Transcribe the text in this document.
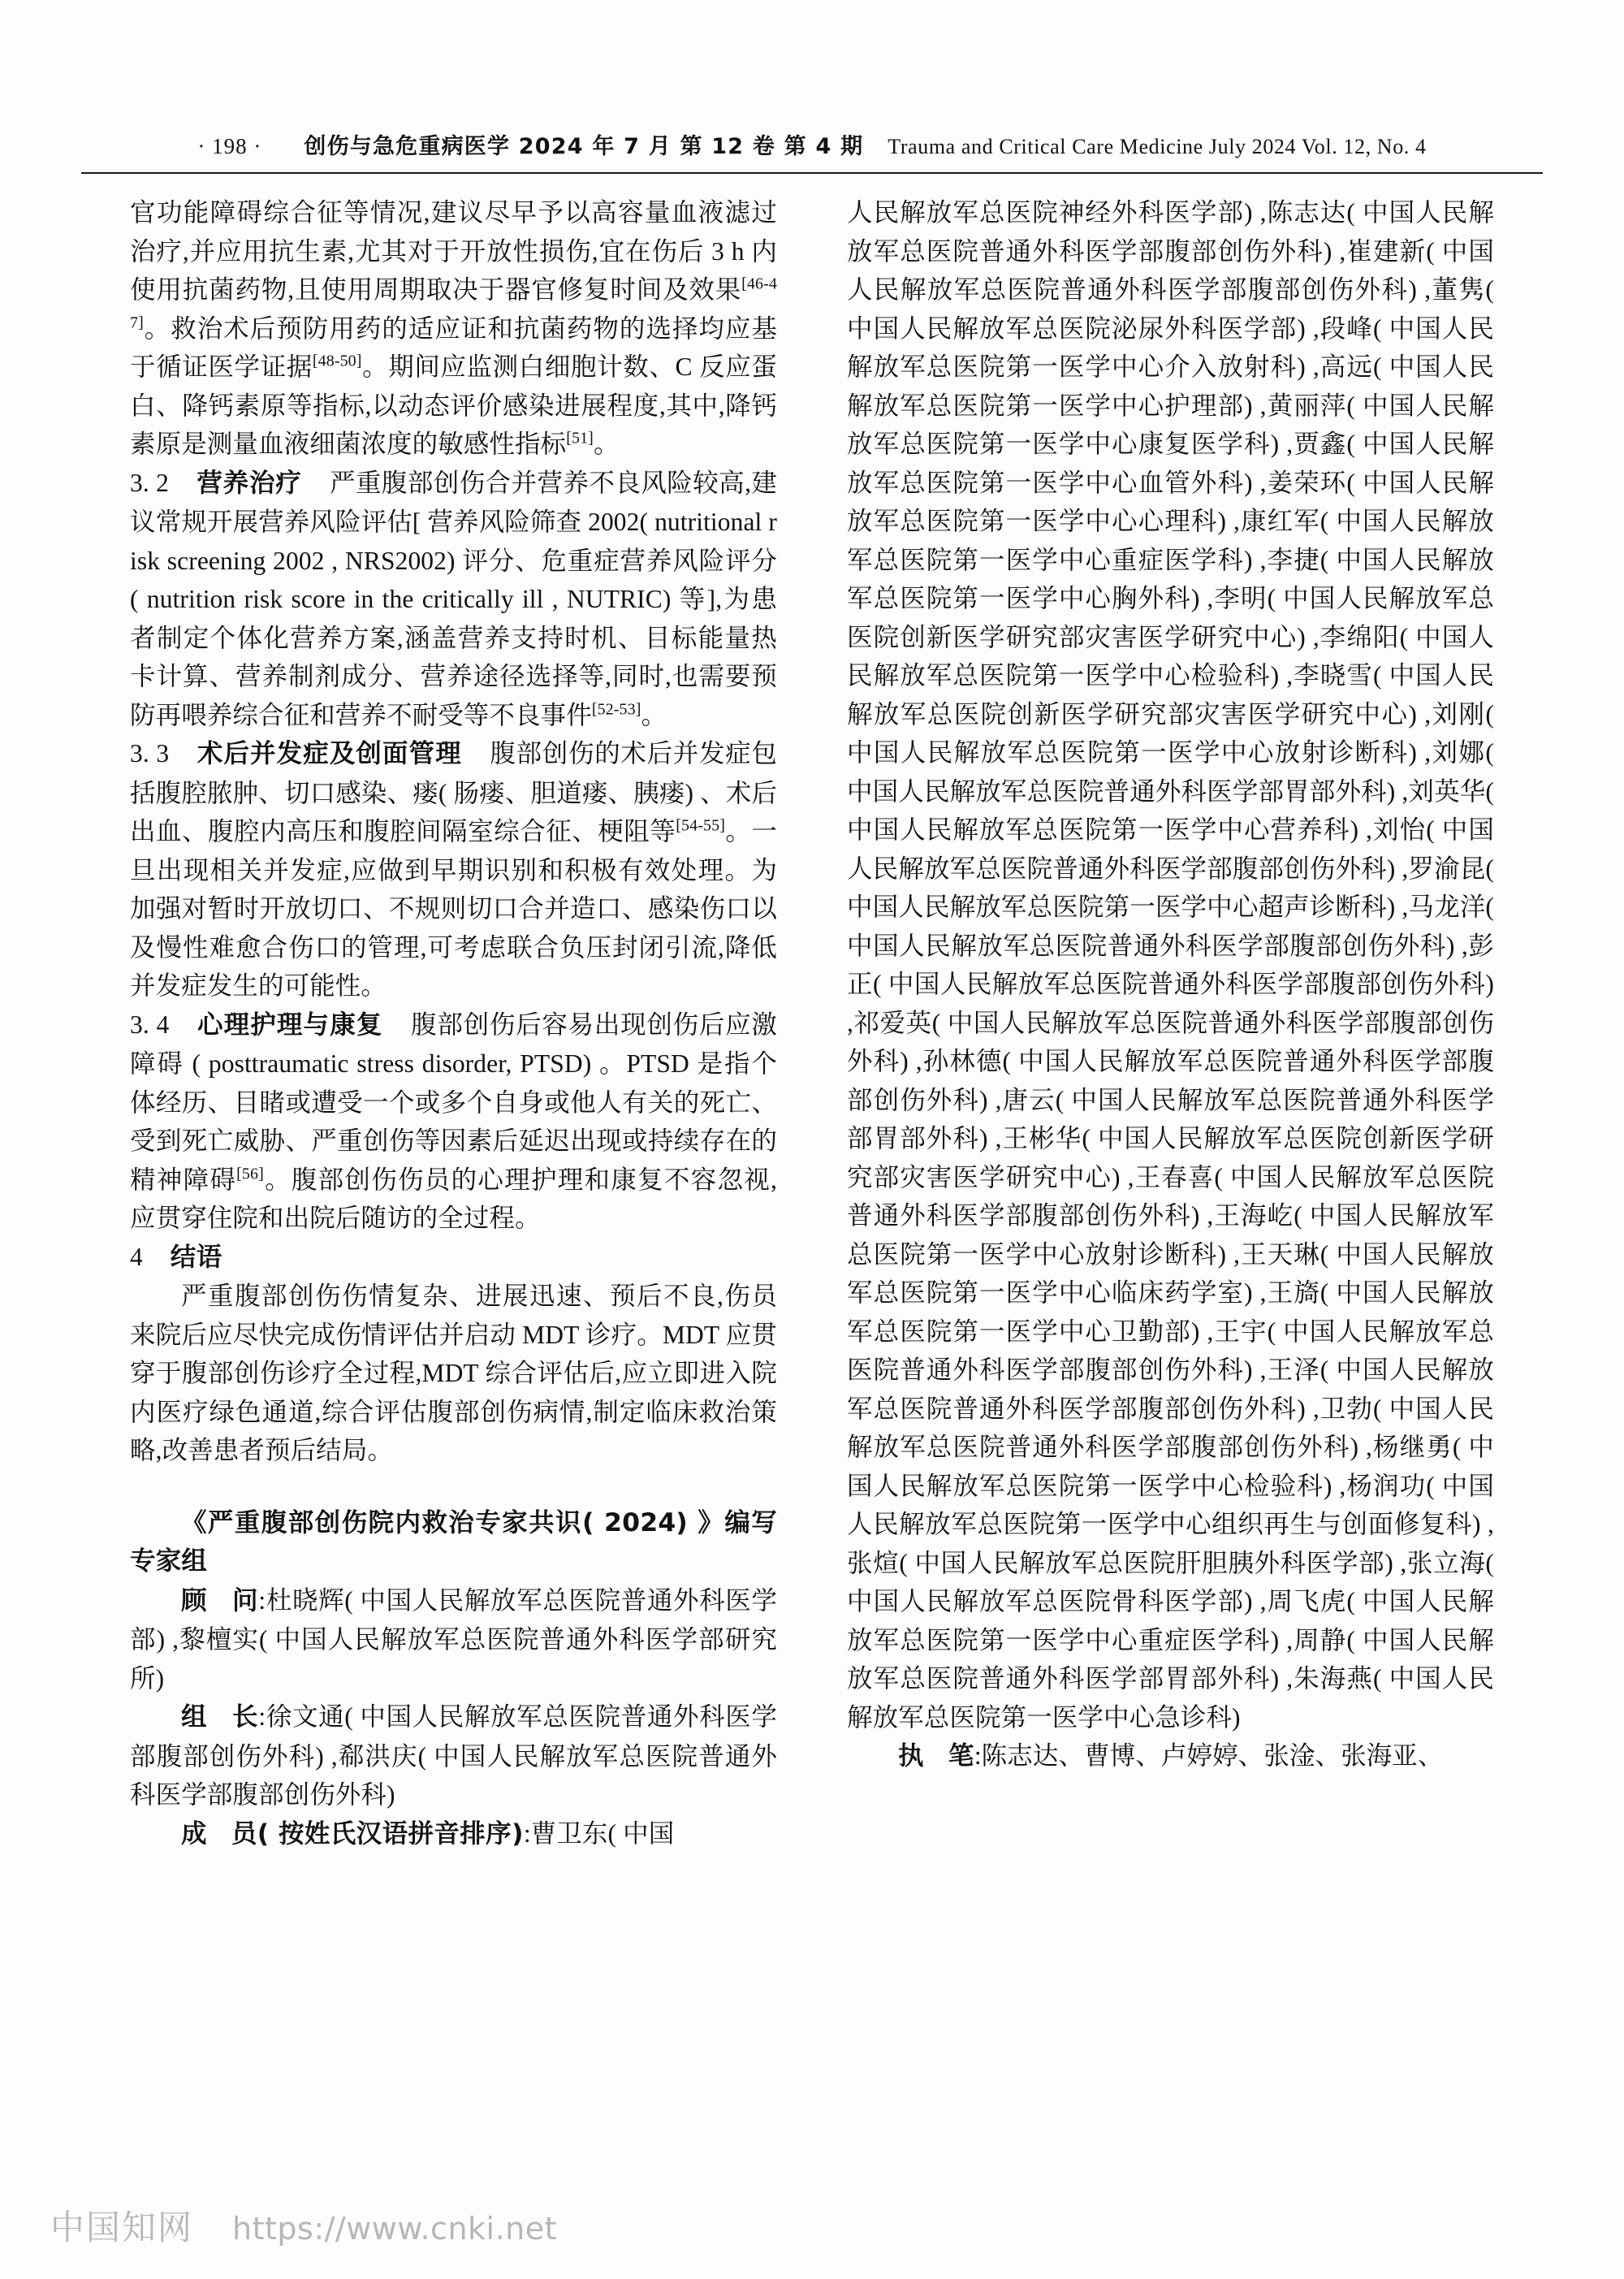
· 198 · 创伤与急危重病医学 2024 年 7 月 第 12 卷 第 4 期 Trauma and Critical Care Medicine July 2024 Vol. 12, No. 4

官功能障碍综合征等情况,建议尽早予以高容量血液滤过治疗,并应用抗生素,尤其对于开放性损伤,宜在伤后 3 h 内使用抗菌药物,且使用周期取决于器官修复时间及效果[46-47]。救治术后预防用药的适应证和抗菌药物的选择均应基于循证医学证据[48-50]。期间应监测白细胞计数、C 反应蛋白、降钙素原等指标,以动态评价感染进展程度,其中,降钙素原是测量血液细菌浓度的敏感性指标[51]。

3. 2 营养治疗 严重腹部创伤合并营养不良风险较高,建议常规开展营养风险评估[ 营养风险筛查 2002( nutritional risk screening 2002 , NRS2002) 评分、危重症营养风险评分 ( nutrition risk score in the critically ill , NUTRIC) 等],为患者制定个体化营养方案,涵盖营养支持时机、目标能量热卡计算、营养制剂成分、营养途径选择等,同时,也需要预防再喂养综合征和营养不耐受等不良事件[52-53]。

3. 3 术后并发症及创面管理 腹部创伤的术后并发症包括腹腔脓肿、切口感染、瘘( 肠瘘、胆道瘘、胰瘘) 、术后出血、腹腔内高压和腹腔间隔室综合征、梗阻等[54-55]。一旦出现相关并发症,应做到早期识别和积极有效处理。为加强对暂时开放切口、不规则切口合并造口、感染伤口以及慢性难愈合伤口的管理,可考虑联合负压封闭引流,降低并发症发生的可能性。

3. 4 心理护理与康复 腹部创伤后容易出现创伤后应激障碍 ( posttraumatic stress disorder, PTSD) 。PTSD 是指个体经历、目睹或遭受一个或多个自身或他人有关的死亡、受到死亡威胁、严重创伤等因素后延迟出现或持续存在的精神障碍[56]。腹部创伤伤员的心理护理和康复不容忽视,应贯穿住院和出院后随访的全过程。

4 结语

严重腹部创伤伤情复杂、进展迅速、预后不良,伤员来院后应尽快完成伤情评估并启动 MDT 诊疗。MDT 应贯穿于腹部创伤诊疗全过程,MDT 综合评估后,应立即进入院内医疗绿色通道,综合评估腹部创伤病情,制定临床救治策略,改善患者预后结局。

《严重腹部创伤院内救治专家共识( 2024) 》编写专家组

顾 问:杜晓辉( 中国人民解放军总医院普通外科医学部) ,黎檀实( 中国人民解放军总医院普通外科医学部研究所)

组 长:徐文通( 中国人民解放军总医院普通外科医学部腹部创伤外科) ,郗洪庆( 中国人民解放军总医院普通外科医学部腹部创伤外科)

成 员( 按姓氏汉语拼音排序):曹卫东( 中国

人民解放军总医院神经外科医学部) ,陈志达( 中国人民解放军总医院普通外科医学部腹部创伤外科) ,崔建新( 中国人民解放军总医院普通外科医学部腹部创伤外科) ,董隽( 中国人民解放军总医院泌尿外科医学部) ,段峰( 中国人民解放军总医院第一医学中心介入放射科) ,高远( 中国人民解放军总医院第一医学中心护理部) ,黄丽萍( 中国人民解放军总医院第一医学中心康复医学科) ,贾鑫( 中国人民解放军总医院第一医学中心血管外科) ,姜荣环( 中国人民解放军总医院第一医学中心心理科) ,康红军( 中国人民解放军总医院第一医学中心重症医学科) ,李捷( 中国人民解放军总医院第一医学中心胸外科) ,李明( 中国人民解放军总医院创新医学研究部灾害医学研究中心) ,李绵阳( 中国人民解放军总医院第一医学中心检验科) ,李晓雪( 中国人民解放军总医院创新医学研究部灾害医学研究中心) ,刘刚( 中国人民解放军总医院第一医学中心放射诊断科) ,刘娜( 中国人民解放军总医院普通外科医学部胃部外科) ,刘英华( 中国人民解放军总医院第一医学中心营养科) ,刘怡( 中国人民解放军总医院普通外科医学部腹部创伤外科) ,罗渝昆( 中国人民解放军总医院第一医学中心超声诊断科) ,马龙洋( 中国人民解放军总医院普通外科医学部腹部创伤外科) ,彭正( 中国人民解放军总医院普通外科医学部腹部创伤外科) ,祁爱英( 中国人民解放军总医院普通外科医学部腹部创伤外科) ,孙林德( 中国人民解放军总医院普通外科医学部腹部创伤外科) ,唐云( 中国人民解放军总医院普通外科医学部胃部外科) ,王彬华( 中国人民解放军总医院创新医学研究部灾害医学研究中心) ,王春喜( 中国人民解放军总医院普通外科医学部腹部创伤外科) ,王海屹( 中国人民解放军总医院第一医学中心放射诊断科) ,王天琳( 中国人民解放军总医院第一医学中心临床药学室) ,王旖( 中国人民解放军总医院第一医学中心卫勤部) ,王宇( 中国人民解放军总医院普通外科医学部腹部创伤外科) ,王泽( 中国人民解放军总医院普通外科医学部腹部创伤外科) ,卫勃( 中国人民解放军总医院普通外科医学部腹部创伤外科) ,杨继勇( 中国人民解放军总医院第一医学中心检验科) ,杨润功( 中国人民解放军总医院第一医学中心组织再生与创面修复科) ,张煊( 中国人民解放军总医院肝胆胰外科医学部) ,张立海( 中国人民解放军总医院骨科医学部) ,周飞虎( 中国人民解放军总医院第一医学中心重症医学科) ,周静( 中国人民解放军总医院普通外科医学部胃部外科) ,朱海燕( 中国人民解放军总医院第一医学中心急诊科)

执 笔:陈志达、曹博、卢婷婷、张淦、张海亚、

中国知网 https://www.cnki.net
